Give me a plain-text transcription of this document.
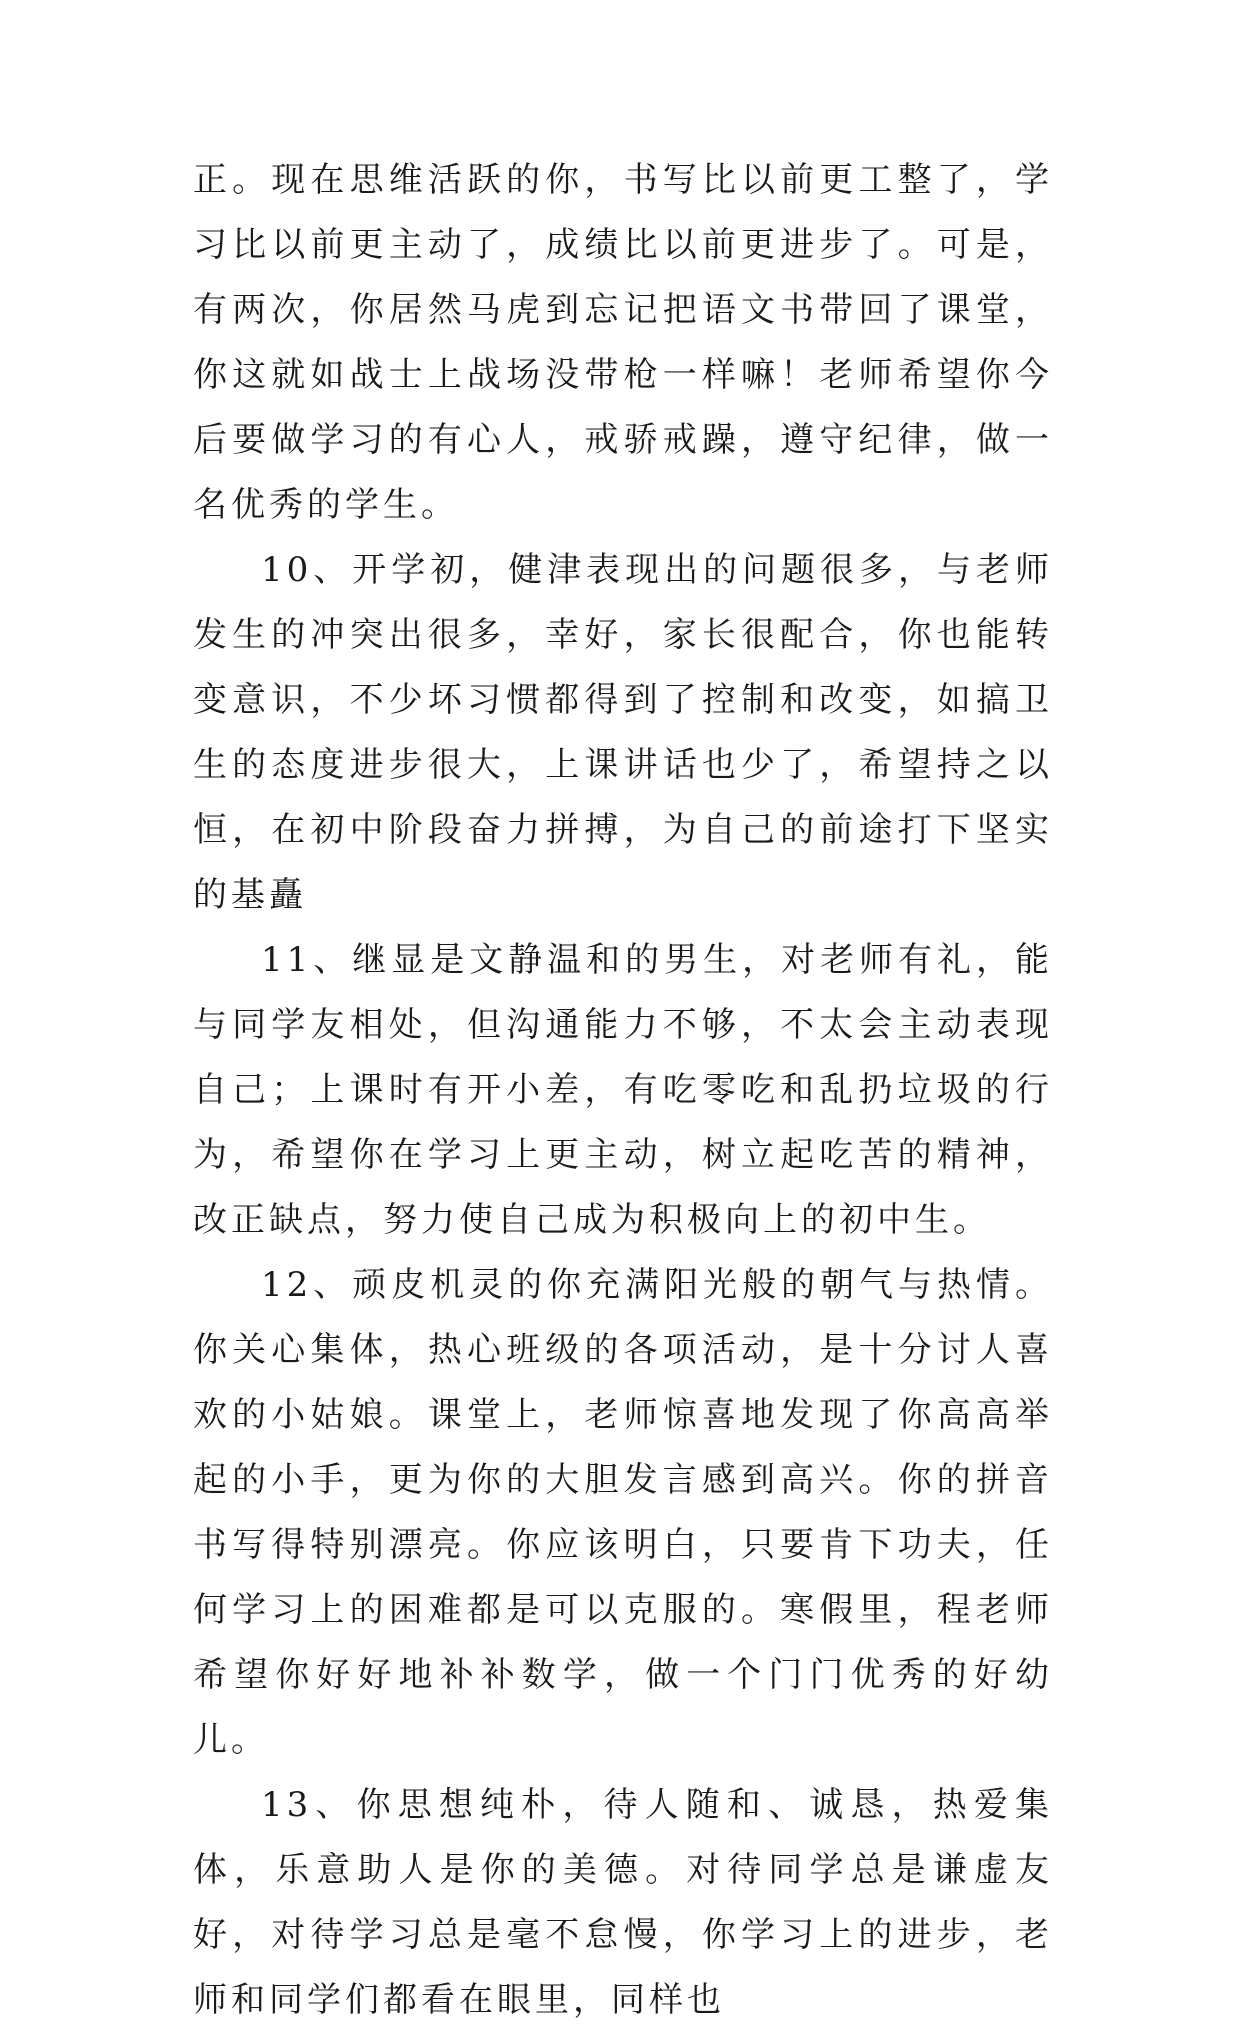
正。现在思维活跃的你，书写比以前更工整了，学习比以前更主动了，成绩比以前更进步了。可是，有两次，你居然马虎到忘记把语文书带回了课堂，你这就如战士上战场没带枪一样嘛！老师希望你今后要做学习的有心人，戒骄戒躁，遵守纪律，做一名优秀的学生。

10、开学初，健津表现出的问题很多，与老师发生的冲突出很多，幸好，家长很配合，你也能转变意识，不少坏习惯都得到了控制和改变，如搞卫生的态度进步很大，上课讲话也少了，希望持之以恒，在初中阶段奋力拼搏，为自己的前途打下坚实的基矗

11、继显是文静温和的男生，对老师有礼，能与同学友相处，但沟通能力不够，不太会主动表现自己；上课时有开小差，有吃零吃和乱扔垃圾的行为，希望你在学习上更主动，树立起吃苦的精神，改正缺点，努力使自己成为积极向上的初中生。

12、顽皮机灵的你充满阳光般的朝气与热情。你关心集体，热心班级的各项活动，是十分讨人喜欢的小姑娘。课堂上，老师惊喜地发现了你高高举起的小手，更为你的大胆发言感到高兴。你的拼音书写得特别漂亮。你应该明白，只要肯下功夫，任何学习上的困难都是可以克服的。寒假里，程老师希望你好好地补补数学，做一个门门优秀的好幼儿。

13、你思想纯朴，待人随和、诚恳，热爱集体，乐意助人是你的美德。对待同学总是谦虚友好，对待学习总是毫不怠慢，你学习上的进步，老师和同学们都看在眼里，同样也
